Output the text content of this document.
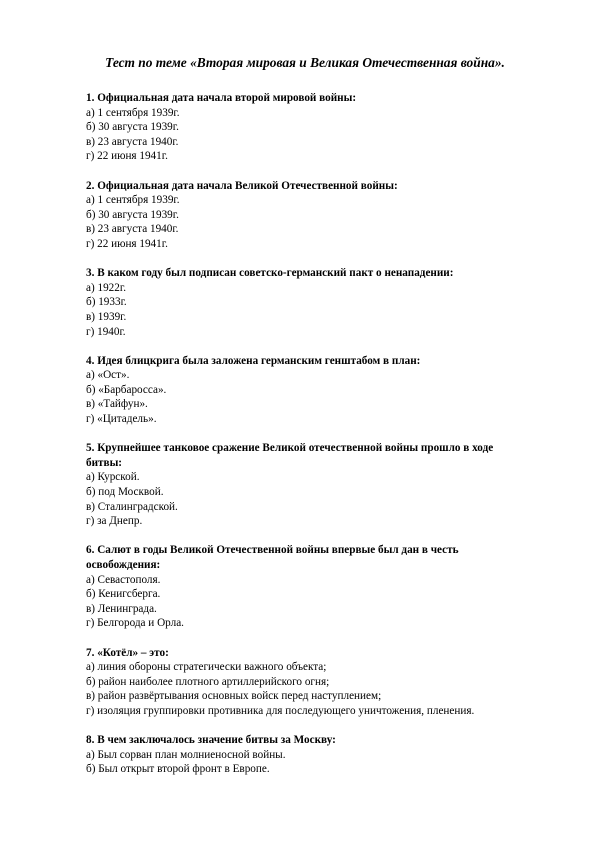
Тест по теме «Вторая мировая и Великая Отечественная война».

1. Официальная дата начала второй мировой войны:

а) 1 сентября 1939г.

б) 30 августа 1939г.

в) 23 августа 1940г.

г) 22 июня 1941г.

2. Официальная дата начала Великой Отечественной войны:

а) 1 сентября 1939г.

б) 30 августа 1939г.

в) 23 августа 1940г.

г) 22 июня 1941г.

3. В каком году был подписан советско-германский пакт о ненападении:

а) 1922г.

б) 1933г.

в) 1939г.

г) 1940г.

4. Идея блицкрига была заложена германским генштабом в план:

а) «Ост».

б) «Барбаросса».

в) «Тайфун».

г) «Цитадель».

5. Крупнейшее танковое сражение Великой отечественной войны прошло в ходе битвы:

а) Курской.

б) под Москвой.

в) Сталинградской.

г) за Днепр.

6. Салют в годы Великой Отечественной войны впервые был дан в честь освобождения:

а) Севастополя.

б) Кенигсберга.

в) Ленинграда.

г) Белгорода и Орла.

7. «Котёл» – это:

а) линия обороны стратегически важного объекта;

б) район наиболее плотного артиллерийского огня;

в) район развёртывания основных войск перед наступлением;

г) изоляция группировки противника для последующего уничтожения, пленения.

8. В чем заключалось значение битвы за Москву:

а) Был сорван план молниеносной войны.

б) Был открыт второй фронт в Европе.
